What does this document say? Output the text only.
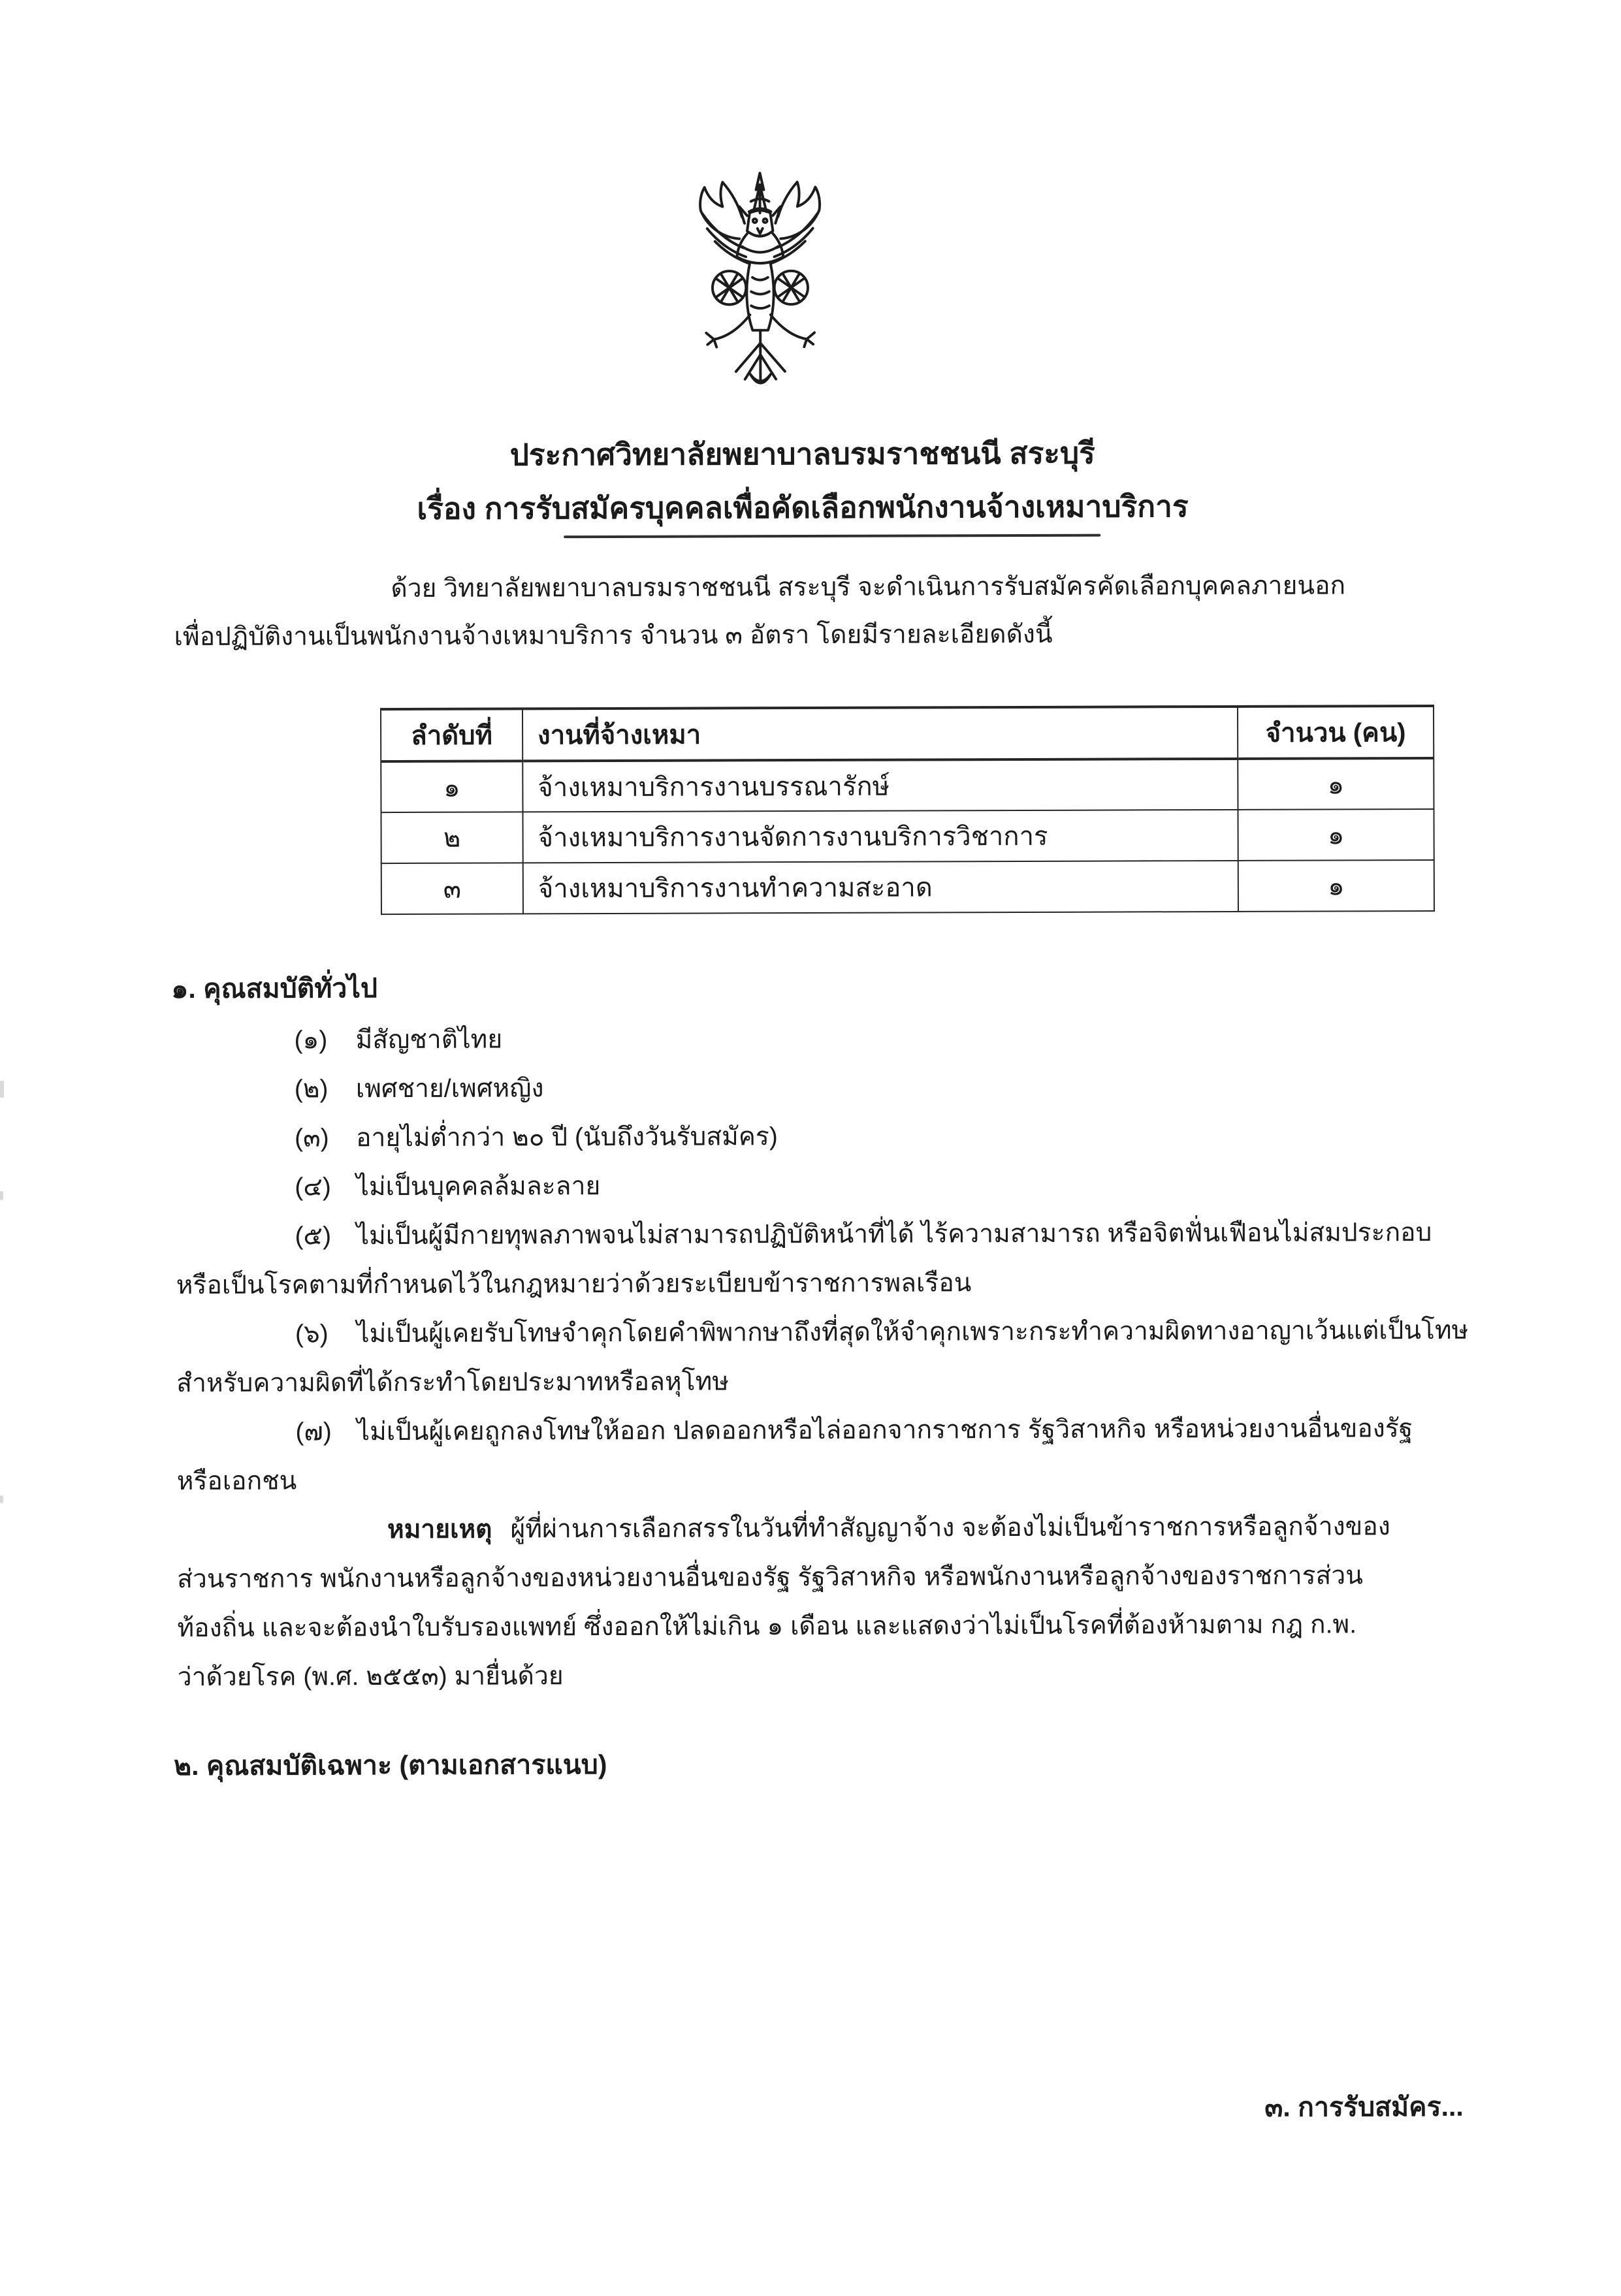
ประกาศวิทยาลัยพยาบาลบรมราชชนนี สระบุรี
เรื่อง การรับสมัครบุคคลเพื่อคัดเลือกพนักงานจ้างเหมาบริการ
ด้วย วิทยาลัยพยาบาลบรมราชชนนี สระบุรี จะดำเนินการรับสมัครคัดเลือกบุคคลภายนอก
เพื่อปฏิบัติงานเป็นพนักงานจ้างเหมาบริการ จำนวน ๓ อัตรา โดยมีรายละเอียดดังนี้
ลำดับที่	งานที่จ้างเหมา	จำนวน (คน)
๑	จ้างเหมาบริการงานบรรณารักษ์	๑
๒	จ้างเหมาบริการงานจัดการงานบริการวิชาการ	๑
๓	จ้างเหมาบริการงานทำความสะอาด	๑
๑. คุณสมบัติทั่วไป
(๑) มีสัญชาติไทย
(๒) เพศชาย/เพศหญิง
(๓) อายุไม่ต่ำกว่า ๒๐ ปี (นับถึงวันรับสมัคร)
(๔) ไม่เป็นบุคคลล้มละลาย
(๕) ไม่เป็นผู้มีกายทุพลภาพจนไม่สามารถปฏิบัติหน้าที่ได้ ไร้ความสามารถ หรือจิตฟั่นเฟือนไม่สมประกอบ
หรือเป็นโรคตามที่กำหนดไว้ในกฎหมายว่าด้วยระเบียบข้าราชการพลเรือน
(๖) ไม่เป็นผู้เคยรับโทษจำคุกโดยคำพิพากษาถึงที่สุดให้จำคุกเพราะกระทำความผิดทางอาญาเว้นแต่เป็นโทษ
สำหรับความผิดที่ได้กระทำโดยประมาทหรือลหุโทษ
(๗) ไม่เป็นผู้เคยถูกลงโทษให้ออก ปลดออกหรือไล่ออกจากราชการ รัฐวิสาหกิจ หรือหน่วยงานอื่นของรัฐ
หรือเอกชน
หมายเหตุ ผู้ที่ผ่านการเลือกสรรในวันที่ทำสัญญาจ้าง จะต้องไม่เป็นข้าราชการหรือลูกจ้างของ
ส่วนราชการ พนักงานหรือลูกจ้างของหน่วยงานอื่นของรัฐ รัฐวิสาหกิจ หรือพนักงานหรือลูกจ้างของราชการส่วน
ท้องถิ่น และจะต้องนำใบรับรองแพทย์ ซึ่งออกให้ไม่เกิน ๑ เดือน และแสดงว่าไม่เป็นโรคที่ต้องห้ามตาม กฎ ก.พ.
ว่าด้วยโรค (พ.ศ. ๒๕๕๓) มายื่นด้วย
๒. คุณสมบัติเฉพาะ (ตามเอกสารแนบ)
๓. การรับสมัคร...
